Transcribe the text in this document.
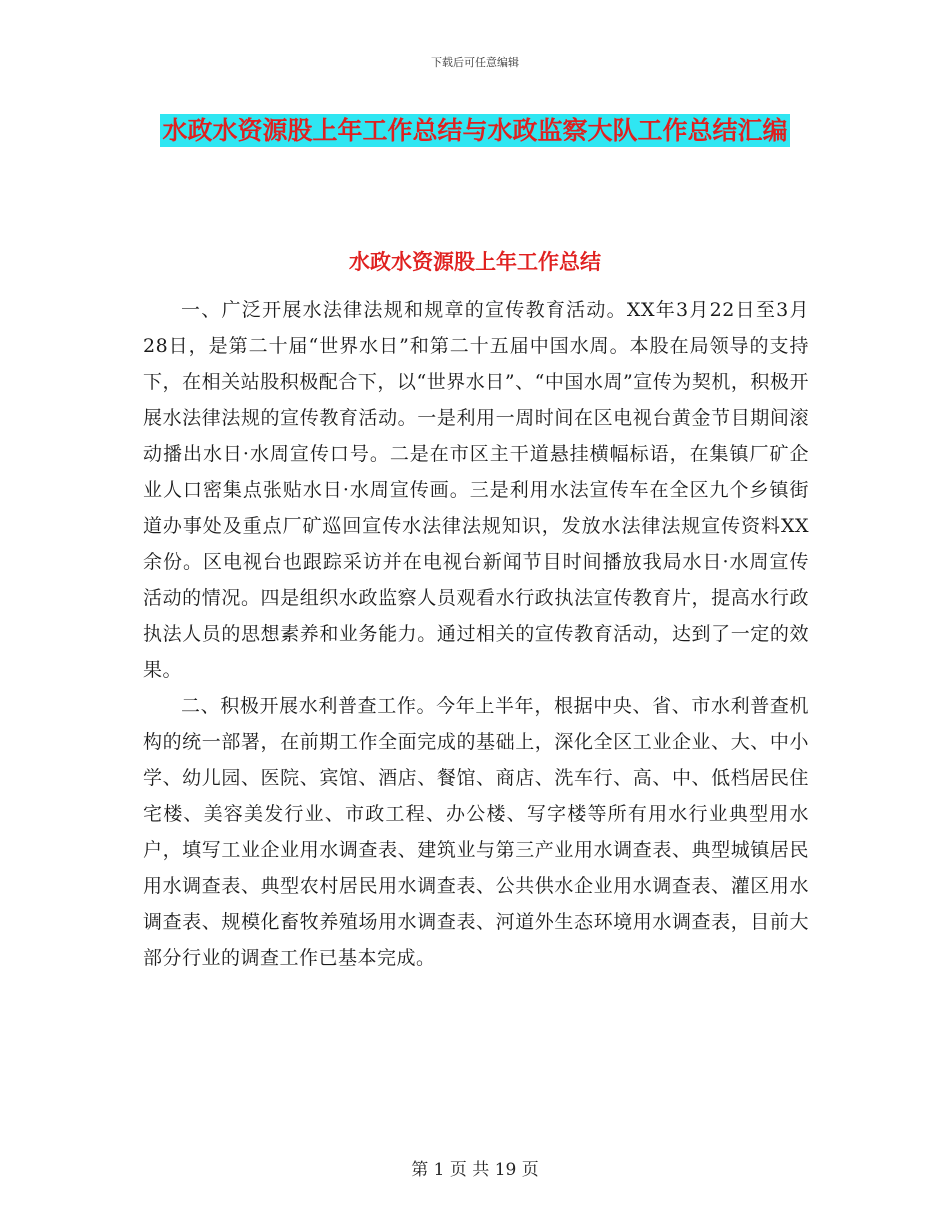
下载后可任意编辑
水政水资源股上年工作总结与水政监察大队工作总结汇编
水政水资源股上年工作总结

一、广泛开展水法律法规和规章的宣传教育活动。XX年3月22日至3月28日，是第二十届“世界水日”和第二十五届中国水周。本股在局领导的支持下，在相关站股积极配合下，以“世界水日”、“中国水周”宣传为契机，积极开展水法律法规的宣传教育活动。一是利用一周时间在区电视台黄金节目期间滚动播出水日·水周宣传口号。二是在市区主干道悬挂横幅标语，在集镇厂矿企业人口密集点张贴水日·水周宣传画。三是利用水法宣传车在全区九个乡镇街道办事处及重点厂矿巡回宣传水法律法规知识，发放水法律法规宣传资料XX余份。区电视台也跟踪采访并在电视台新闻节目时间播放我局水日·水周宣传活动的情况。四是组织水政监察人员观看水行政执法宣传教育片，提高水行政执法人员的思想素养和业务能力。通过相关的宣传教育活动，达到了一定的效果。

二、积极开展水利普查工作。今年上半年，根据中央、省、市水利普查机构的统一部署，在前期工作全面完成的基础上，深化全区工业企业、大、中小学、幼儿园、医院、宾馆、酒店、餐馆、商店、洗车行、高、中、低档居民住宅楼、美容美发行业、市政工程、办公楼、写字楼等所有用水行业典型用水户，填写工业企业用水调查表、建筑业与第三产业用水调查表、典型城镇居民用水调查表、典型农村居民用水调查表、公共供水企业用水调查表、灌区用水调查表、规模化畜牧养殖场用水调查表、河道外生态环境用水调查表，目前大部分行业的调查工作已基本完成。

第 1 页 共 19 页
